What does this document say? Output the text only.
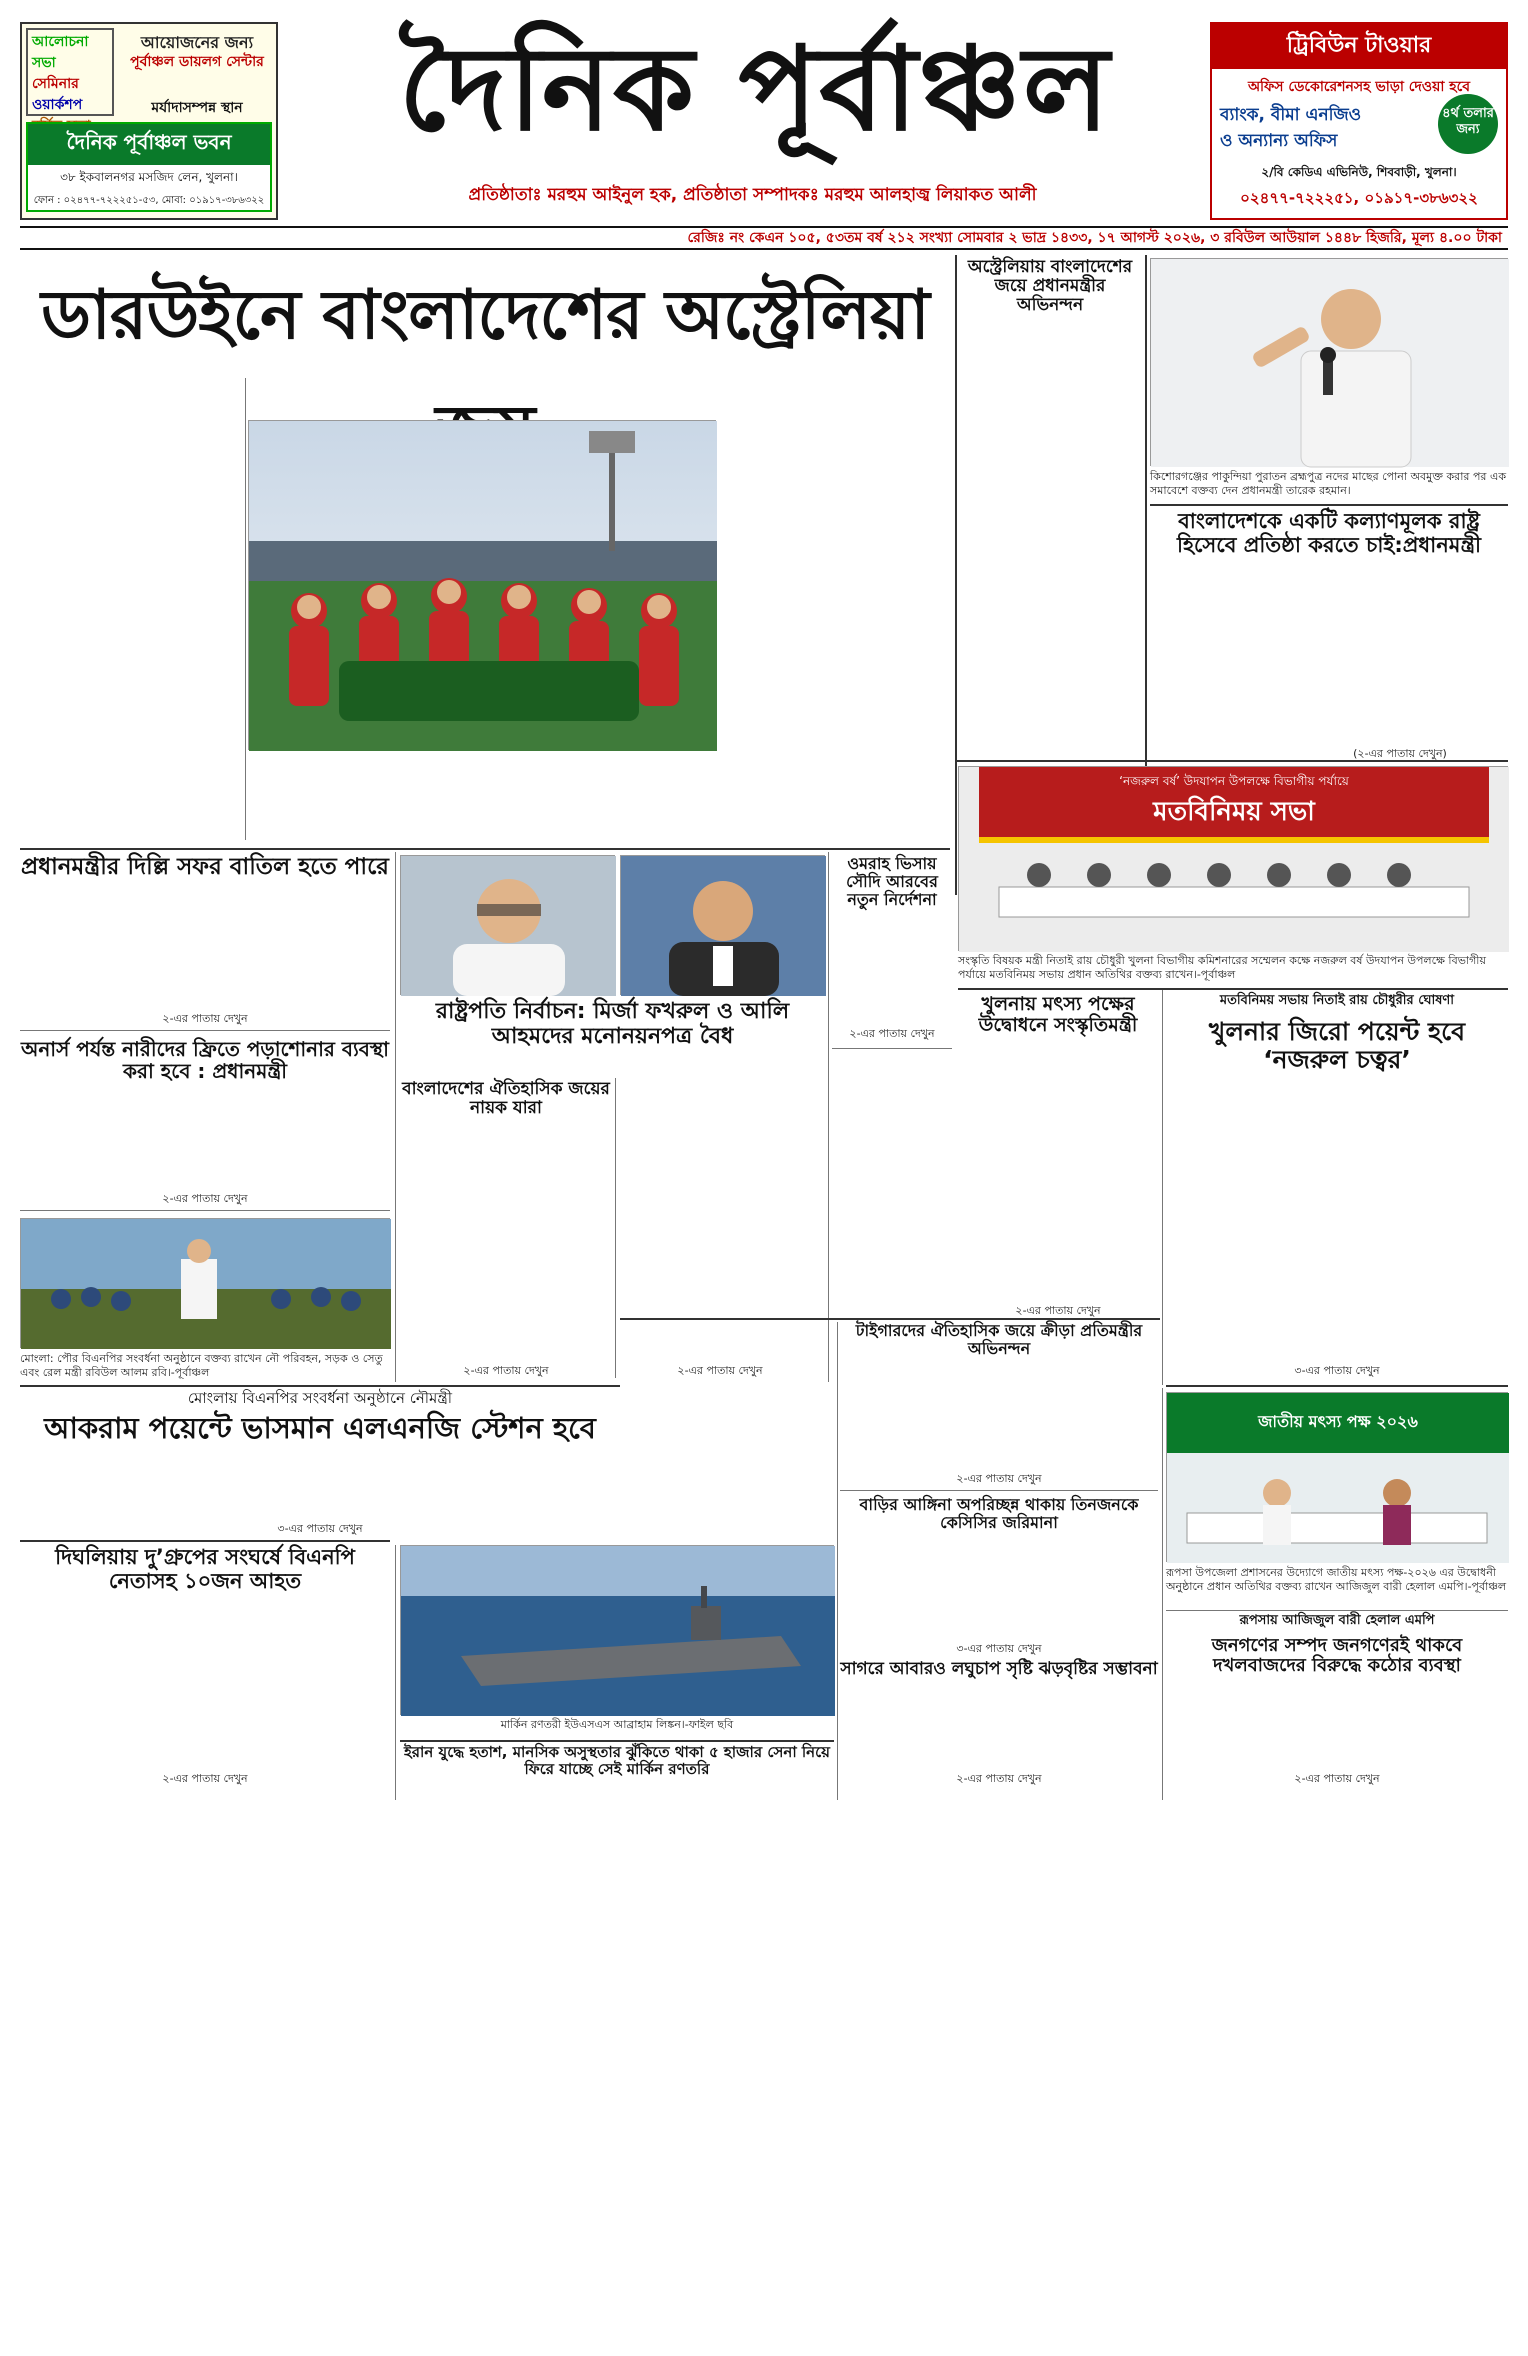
আলোচনা সভা
সেমিনার
ওয়ার্কশপ
আয়োজনের জন্য
পূর্বাঞ্চল ডায়লগ সেন্টার
মর্যাদাসম্পন্ন স্থান
দৈনিক পূর্বাঞ্চল ভবন
৩৮ ইকবালনগর মসজিদ লেন, খুলনা।
ফোন : ০২৪৭৭-৭২২২৫১-৫৩, মোবা: ০১৯১৭-৩৮৬৩২২
দৈনিক পূর্বাঞ্চল	ট্রিবিউন টাওয়ার
অফিস ডেকোরেশনসহ ভাড়া দেওয়া হবে
ব্যাংক, বীমা এনজিও
ও অন্যান্য অফিস
৪র্থ তলার জন্য
২/বি কেডিএ এভিনিউ, শিববাড়ী, খুলনা।
০২৪৭৭-৭২২২৫১, ০১৯১৭-৩৮৬৩২২
প্রতিষ্ঠাতাঃ মরহুম আইনুল হক, প্রতিষ্ঠাতা সম্পাদকঃ মরহুম আলহাজ্ব লিয়াকত আলী
রেজিঃ নং কেএন ১০৫, ৫৩তম বর্ষ ২১২ সংখ্যা সোমবার ২ ভাদ্র ১৪৩৩, ১৭ আগস্ট ২০২৬, ৩ রবিউল আউয়াল ১৪৪৮ হিজরি, মূল্য ৪.০০ টাকা
ডারউইনে বাংলাদেশের অস্ট্রেলিয়া
অস্ট্রেলিয়ায় বাংলাদেশের জয়ে প্রধানমন্ত্রীর অভিনন্দন
কিশোরগঞ্জের পাকুন্দিয়া পুরাতন ব্রহ্মপুত্র নদের মাছের পোনা অবমুক্ত করার পর এক সমাবেশে বক্তব্য দেন প্রধানমন্ত্রী তারেক রহমান।
বাংলাদেশকে একটি কল্যাণমূলক রাষ্ট্র হিসেবে প্রতিষ্ঠা করতে চাই:প্রধানমন্ত্রী
(২-এর পাতায় দেখুন)
প্রধানমন্ত্রীর দিল্লি সফর বাতিল হতে পারে
২-এর পাতায় দেখুন
অনার্স পর্যন্ত নারীদের ফ্রিতে পড়াশোনার ব্যবস্থা করা হবে : প্রধানমন্ত্রী
২-এর পাতায় দেখুন
মোংলা: পৌর বিএনপির সংবর্ধনা অনুষ্ঠানে বক্তব্য রাখেন নৌ পরিবহন, সড়ক ও সেতু এবং রেল মন্ত্রী রবিউল আলম রবি।-পূর্বাঞ্চল
মোংলায় বিএনপির সংবর্ধনা অনুষ্ঠানে নৌমন্ত্রী
আকরাম পয়েন্টে ভাসমান এলএনজি স্টেশন হবে
৩-এর পাতায় দেখুন
দিঘলিয়ায় দু’গ্রুপের সংঘর্ষে বিএনপি নেতাসহ ১০জন আহত
২-এর পাতায় দেখুন
রাষ্ট্রপতি নির্বাচন: মির্জা ফখরুল ও আলি আহমদের মনোনয়নপত্র বৈধ
২-এর পাতায় দেখুন
ওমরাহ ভিসায় সৌদি আরবের নতুন নির্দেশনা
২-এর পাতায় দেখুন
বাংলাদেশের ঐতিহাসিক জয়ের নায়ক যারা
২-এর পাতায় দেখুন
‘নজরুল বর্ষ’ উদযাপন উপলক্ষে বিভাগীয় পর্যায়ে
মতবিনিময় সভা
সংস্কৃতি বিষয়ক মন্ত্রী নিতাই রায় চৌধুরী খুলনা বিভাগীয় কমিশনারের সম্মেলন কক্ষে নজরুল বর্ষ উদযাপন উপলক্ষে বিভাগীয় পর্যায়ে মতবিনিময় সভায় প্রধান অতিথির বক্তব্য রাখেন।-পূর্বাঞ্চল
খুলনায় মৎস্য পক্ষের উদ্বোধনে সংস্কৃতিমন্ত্রী
২-এর পাতায় দেখুন
মতবিনিময় সভায় নিতাই রায় চৌধুরীর ঘোষণা
খুলনার জিরো পয়েন্ট হবে ‘নজরুল চত্বর’
৩-এর পাতায় দেখুন
টাইগারদের ঐতিহাসিক জয়ে ক্রীড়া প্রতিমন্ত্রীর অভিনন্দন
২-এর পাতায় দেখুন
বাড়ির আঙ্গিনা অপরিচ্ছন্ন থাকায় তিনজনকে কেসিসির জরিমানা
৩-এর পাতায় দেখুন
জাতীয় মৎস্য পক্ষ ২০২৬
রূপসা উপজেলা প্রশাসনের উদ্যোগে জাতীয় মৎস্য পক্ষ-২০২৬ এর উদ্বোধনী অনুষ্ঠানে প্রধান অতিথির বক্তব্য রাখেন আজিজুল বারী হেলাল এমপি।-পূর্বাঞ্চল
রূপসায় আজিজুল বারী হেলাল এমপি
জনগণের সম্পদ জনগণেরই থাকবে দখলবাজদের বিরুদ্ধে কঠোর ব্যবস্থা
২-এর পাতায় দেখুন
মার্কিন রণতরী ইউএসএস আব্রাহাম লিঙ্কন।-ফাইল ছবি
সাগরে আবারও লঘুচাপ সৃষ্টি ঝড়বৃষ্টির সম্ভাবনা
২-এর পাতায় দেখুন
ইরান যুদ্ধে হতাশ, মানসিক অসুস্থতার ঝুঁকিতে থাকা ৫ হাজার সেনা নিয়ে ফিরে যাচ্ছে সেই মার্কিন রণতরি
